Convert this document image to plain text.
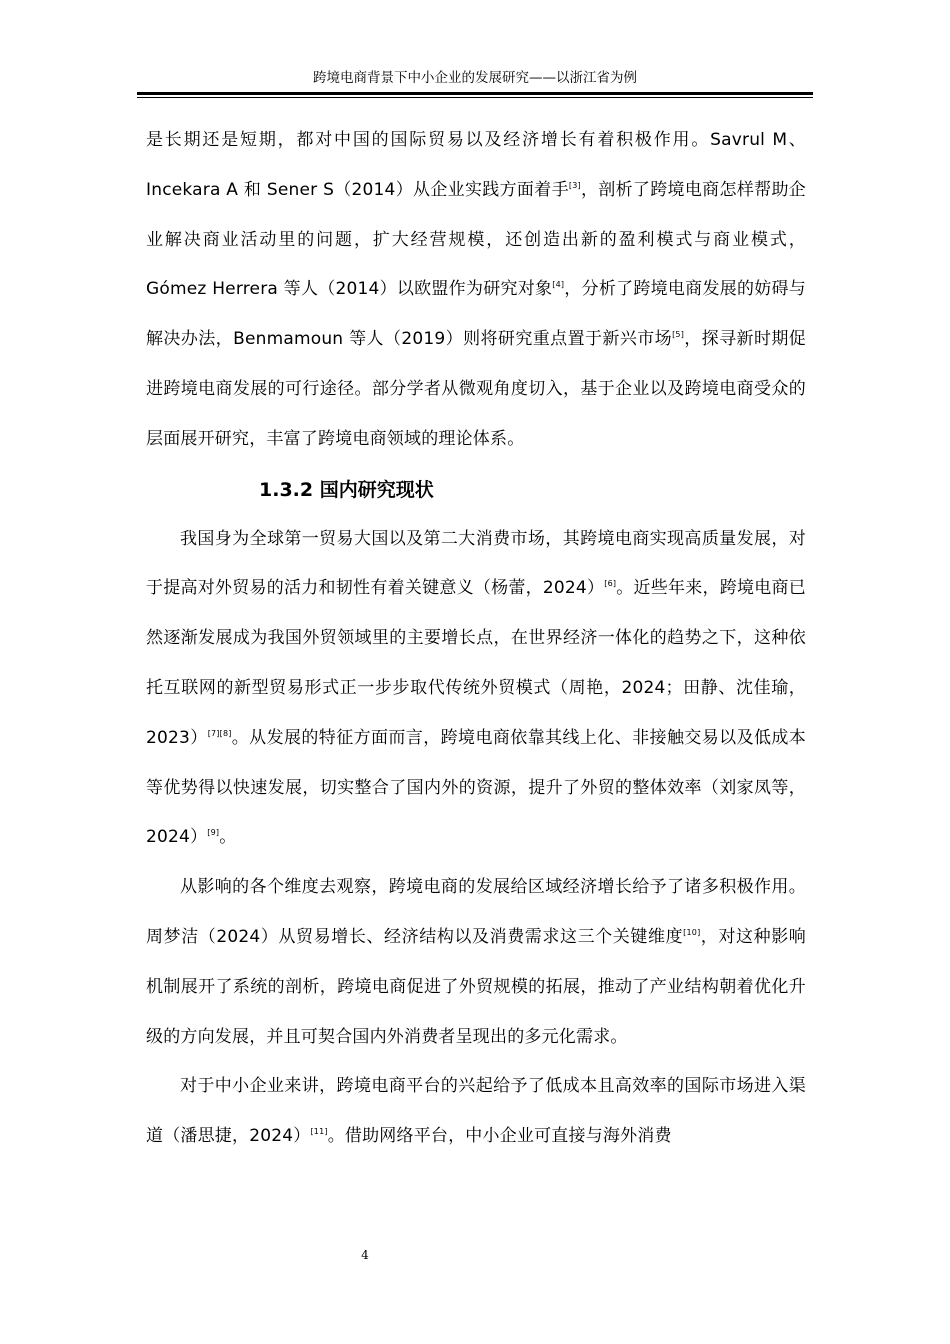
跨境电商背景下中小企业的发展研究——以浙江省为例

是长期还是短期，都对中国的国际贸易以及经济增长有着积极作用。Savrul M、Incekara A 和 Sener S（2014）从企业实践方面着手[3]，剖析了跨境电商怎样帮助企业解决商业活动里的问题，扩大经营规模，还创造出新的盈利模式与商业模式，Gómez Herrera 等人（2014）以欧盟作为研究对象[4]，分析了跨境电商发展的妨碍与解决办法，Benmamoun 等人（2019）则将研究重点置于新兴市场[5]，探寻新时期促进跨境电商发展的可行途径。部分学者从微观角度切入，基于企业以及跨境电商受众的层面展开研究，丰富了跨境电商领域的理论体系。

1.3.2 国内研究现状

我国身为全球第一贸易大国以及第二大消费市场，其跨境电商实现高质量发展，对于提高对外贸易的活力和韧性有着关键意义（杨蕾，2024）[6]。近些年来，跨境电商已然逐渐发展成为我国外贸领域里的主要增长点，在世界经济一体化的趋势之下，这种依托互联网的新型贸易形式正一步步取代传统外贸模式（周艳，2024；田静、沈佳瑜，2023）[7][8]。从发展的特征方面而言，跨境电商依靠其线上化、非接触交易以及低成本等优势得以快速发展，切实整合了国内外的资源，提升了外贸的整体效率（刘家凤等，2024）[9]。

从影响的各个维度去观察，跨境电商的发展给区域经济增长给予了诸多积极作用。周梦洁（2024）从贸易增长、经济结构以及消费需求这三个关键维度[10]，对这种影响机制展开了系统的剖析，跨境电商促进了外贸规模的拓展，推动了产业结构朝着优化升级的方向发展，并且可契合国内外消费者呈现出的多元化需求。

对于中小企业来讲，跨境电商平台的兴起给予了低成本且高效率的国际市场进入渠道（潘思捷，2024）[11]。借助网络平台，中小企业可直接与海外消费

4
